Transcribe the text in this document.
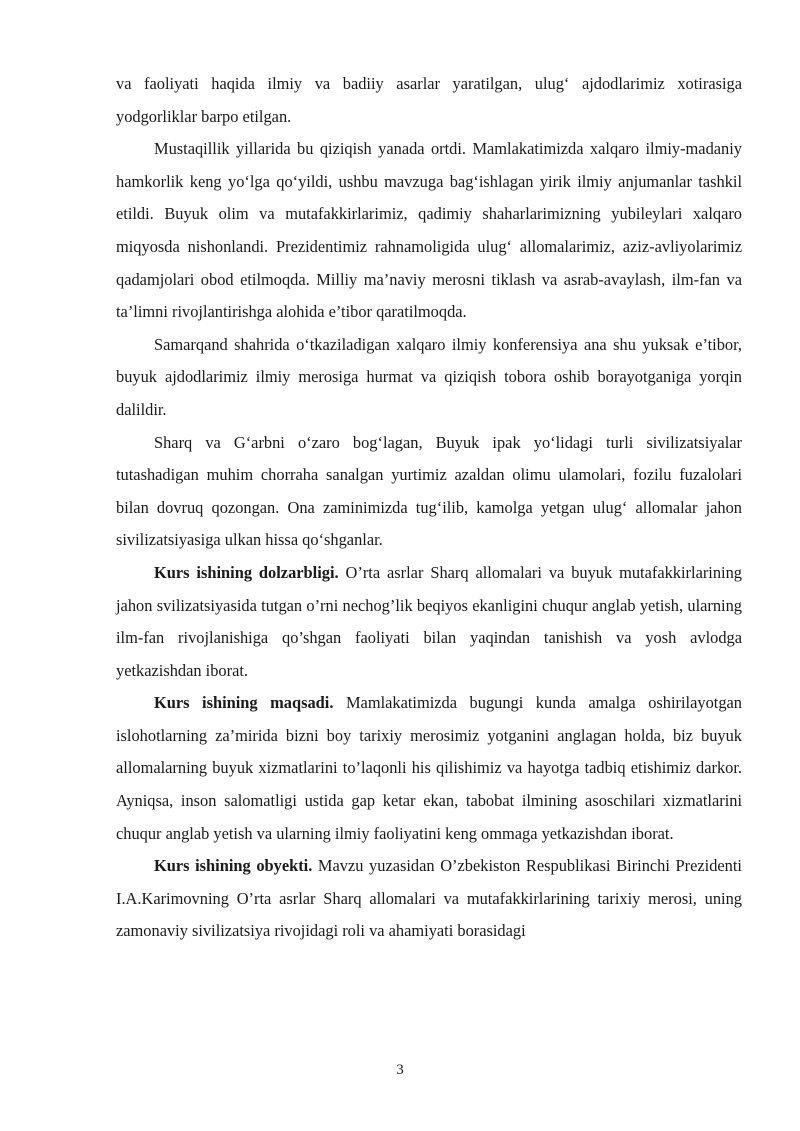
va faoliyati haqida ilmiy va badiiy asarlar yaratilgan, ulug‘ ajdodlarimiz xotirasiga yodgorliklar barpo etilgan.

Mustaqillik yillarida bu qiziqish yanada ortdi. Mamlakatimizda xalqaro ilmiy-madaniy hamkorlik keng yo‘lga qo‘yildi, ushbu mavzuga bag‘ishlagan yirik ilmiy anjumanlar tashkil etildi. Buyuk olim va mutafakkirlarimiz, qadimiy shaharlarimizning yubileylari xalqaro miqyosda nishonlandi. Prezidentimiz rahnamoligida ulug‘ allomalarimiz, aziz-avliyolarimiz qadamjolari obod etilmoqda. Milliy ma’naviy merosni tiklash va asrab-avaylash, ilm-fan va ta’limni rivojlantirishga alohida e’tibor qaratilmoqda.

Samarqand shahrida o‘tkaziladigan xalqaro ilmiy konferensiya ana shu yuksak e’tibor, buyuk ajdodlarimiz ilmiy merosiga hurmat va qiziqish tobora oshib borayotganiga yorqin dalildir.

Sharq va G‘arbni o‘zaro bog‘lagan, Buyuk ipak yo‘lidagi turli sivilizatsiyalar tutashadigan muhim chorraha sanalgan yurtimiz azaldan olimu ulamolari, fozilu fuzalolari bilan dovruq qozongan. Ona zaminimizda tug‘ilib, kamolga yetgan ulug‘ allomalar jahon sivilizatsiyasiga ulkan hissa qo‘shganlar.

Kurs ishining dolzarbligi. O’rta asrlar Sharq allomalari va buyuk mutafakkirlarining jahon svilizatsiyasida tutgan o’rni nechog’lik beqiyos ekanligini chuqur anglab yetish, ularning ilm-fan rivojlanishiga qo’shgan faoliyati bilan yaqindan tanishish va yosh avlodga yetkazishdan iborat.

Kurs ishining maqsadi. Mamlakatimizda bugungi kunda amalga oshirilayotgan islohotlarning za’mirida bizni boy tarixiy merosimiz yotganini anglagan holda, biz buyuk allomalarning buyuk xizmatlarini to’laqonli his qilishimiz va hayotga tadbiq etishimiz darkor. Ayniqsa, inson salomatligi ustida gap ketar ekan, tabobat ilmining asoschilari xizmatlarini chuqur anglab yetish va ularning ilmiy faoliyatini keng ommaga yetkazishdan iborat.

Kurs ishining obyekti. Mavzu yuzasidan O’zbekiston Respublikasi Birinchi Prezidenti I.A.Karimovning O’rta asrlar Sharq allomalari va mutafakkirlarining tarixiy merosi, uning zamonaviy sivilizatsiya rivojidagi roli va ahamiyati borasidagi

3
